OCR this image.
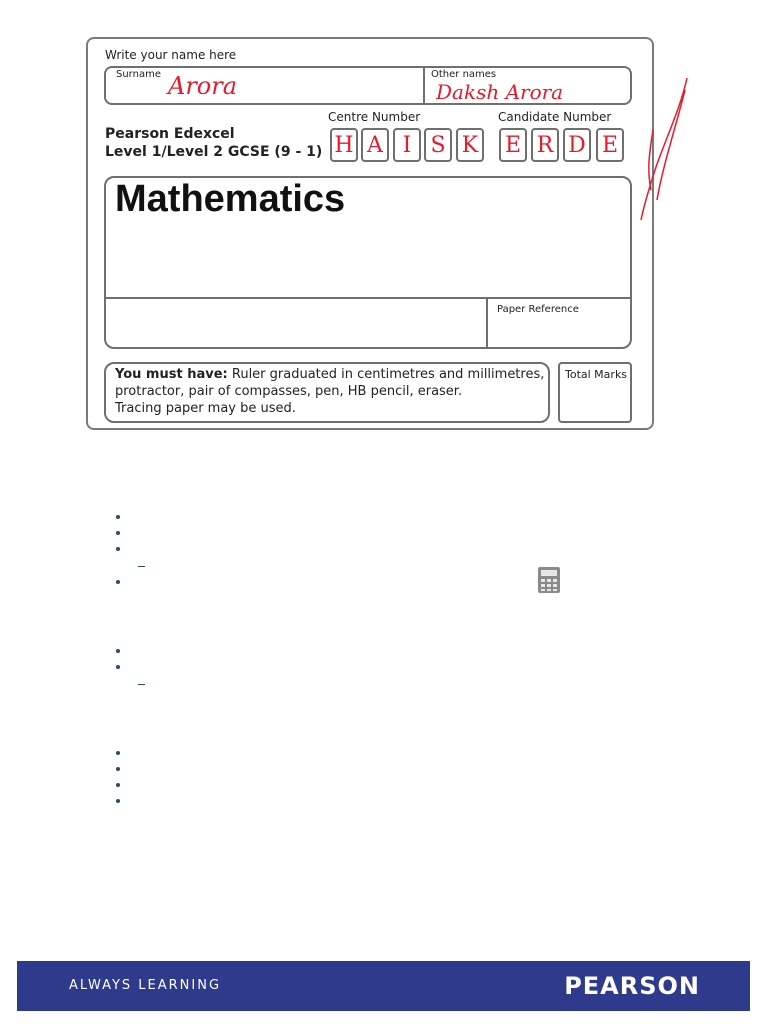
Write your name here
Surname Arora	Other names
Daksh Arora
Pearson Edexcel
Level 1/Level 2 GCSE (9 - 1)
Centre Number
H A I S K
Candidate Number
E R D E
Mathematics
Paper Reference
You must have: Ruler graduated in centimetres and millimetres,
protractor, pair of compasses, pen, HB pencil, eraser.
Tracing paper may be used.
Total Marks
ALWAYS LEARNING	PEARSON
